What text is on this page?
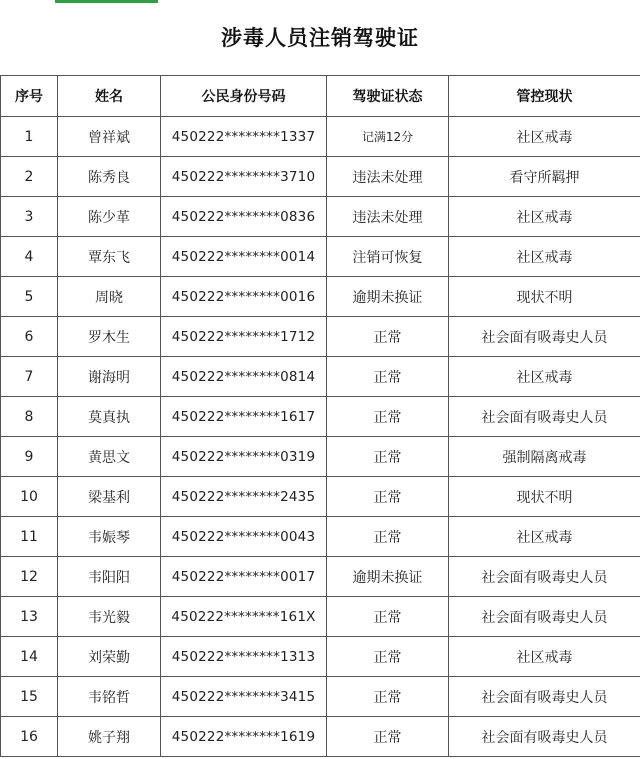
涉毒人员注销驾驶证
序号	姓名	公民身份号码	驾驶证状态	管控现状
1	曾祥斌	450222********1337	记满12分	社区戒毒
2	陈秀良	450222********3710	违法未处理	看守所羁押
3	陈少革	450222********0836	违法未处理	社区戒毒
4	覃东飞	450222********0014	注销可恢复	社区戒毒
5	周晓	450222********0016	逾期未换证	现状不明
6	罗木生	450222********1712	正常	社会面有吸毒史人员
7	谢海明	450222********0814	正常	社区戒毒
8	莫真执	450222********1617	正常	社会面有吸毒史人员
9	黄思文	450222********0319	正常	强制隔离戒毒
10	梁基利	450222********2435	正常	现状不明
11	韦娠琴	450222********0043	正常	社区戒毒
12	韦阳阳	450222********0017	逾期未换证	社会面有吸毒史人员
13	韦光毅	450222********161X	正常	社会面有吸毒史人员
14	刘荣勤	450222********1313	正常	社区戒毒
15	韦铭哲	450222********3415	正常	社会面有吸毒史人员
16	姚子翔	450222********1619	正常	社会面有吸毒史人员
